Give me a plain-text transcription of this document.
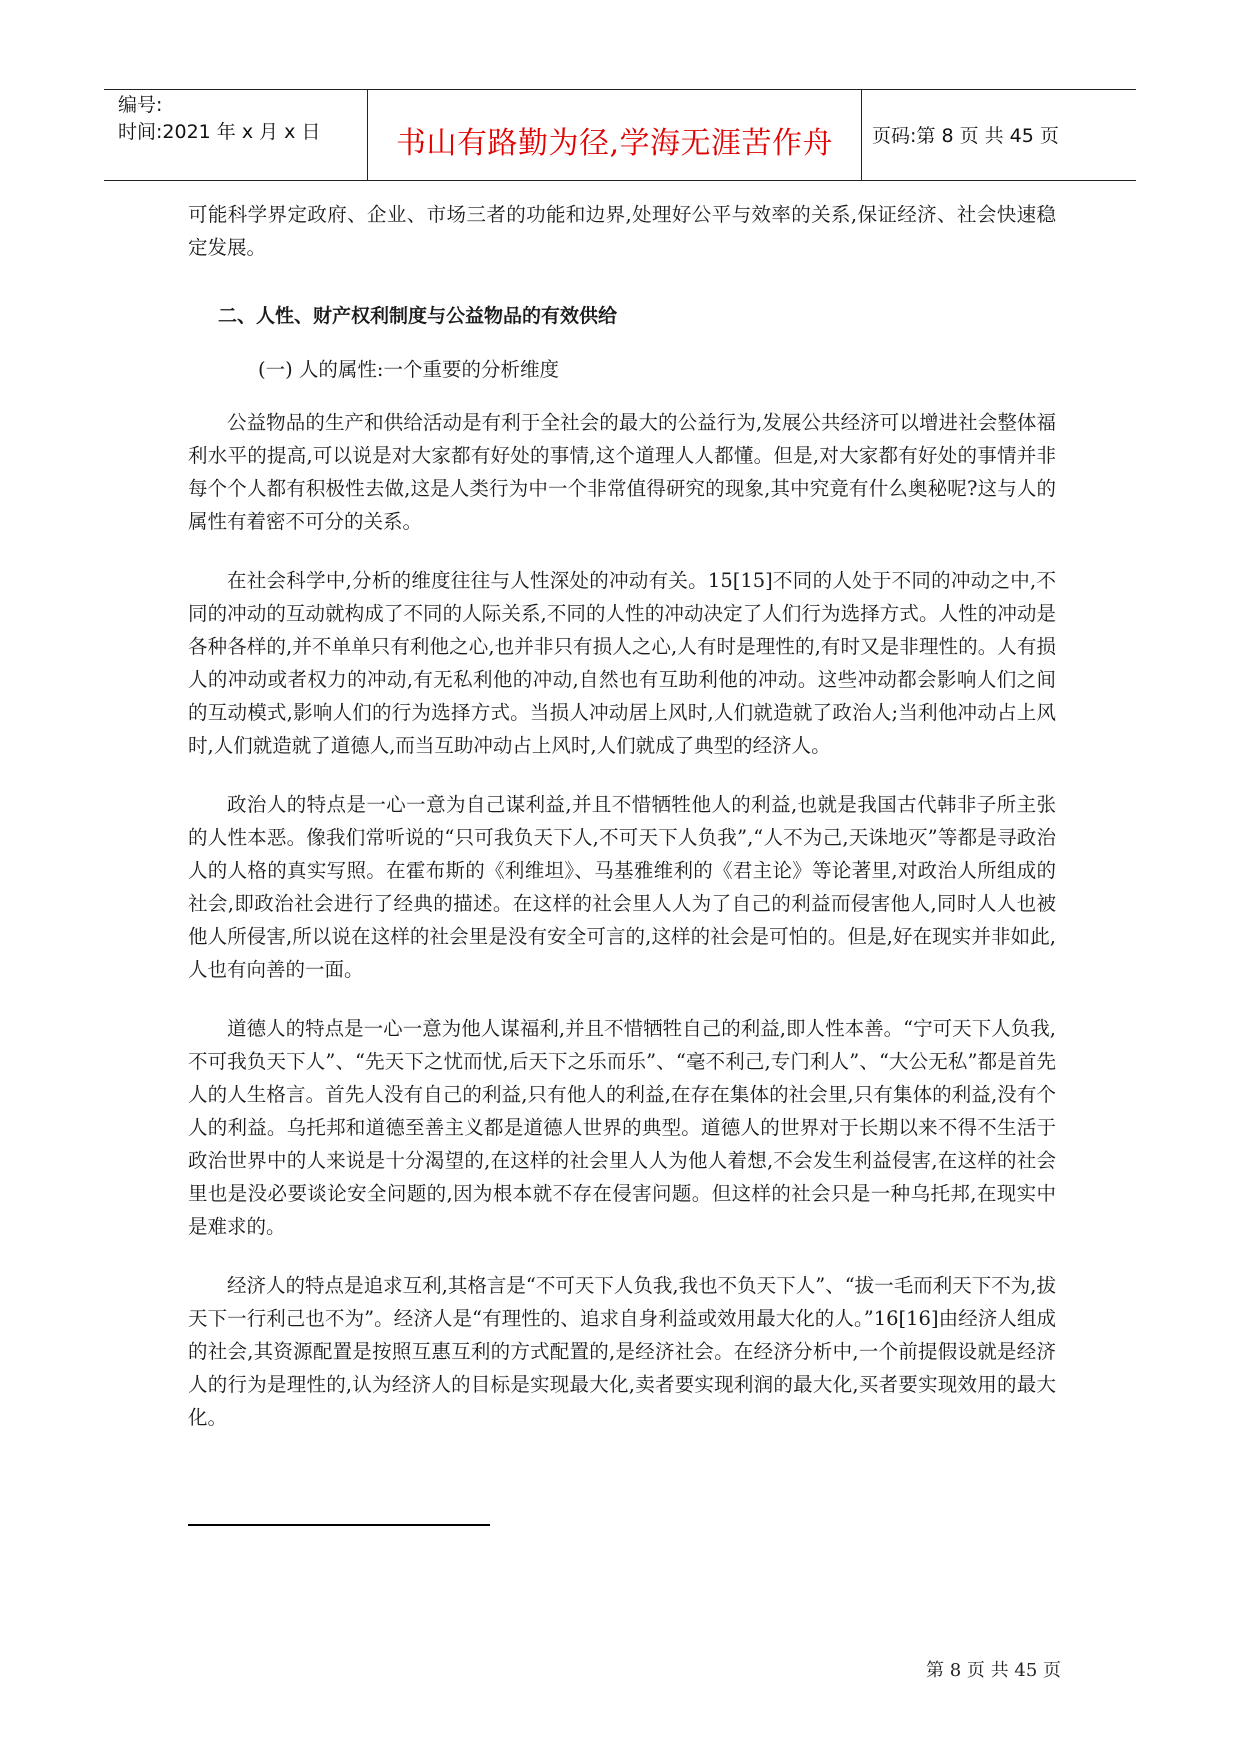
编号:
时间:2021 年 x 月 x 日	书山有路勤为径,学海无涯苦作舟	页码:第 8 页 共 45 页

可能科学界定政府、企业、市场三者的功能和边界,处理好公平与效率的关系,保证经济、社会快速稳定发展。

二、人性、财产权利制度与公益物品的有效供给
(一) 人的属性:一个重要的分析维度

公益物品的生产和供给活动是有利于全社会的最大的公益行为,发展公共经济可以增进社会整体福利水平的提高,可以说是对大家都有好处的事情,这个道理人人都懂。但是,对大家都有好处的事情并非每个个人都有积极性去做,这是人类行为中一个非常值得研究的现象,其中究竟有什么奥秘呢?这与人的属性有着密不可分的关系。

在社会科学中,分析的维度往往与人性深处的冲动有关。15[15]不同的人处于不同的冲动之中,不同的冲动的互动就构成了不同的人际关系,不同的人性的冲动决定了人们行为选择方式。人性的冲动是各种各样的,并不单单只有利他之心,也并非只有损人之心,人有时是理性的,有时又是非理性的。人有损人的冲动或者权力的冲动,有无私利他的冲动,自然也有互助利他的冲动。这些冲动都会影响人们之间的互动模式,影响人们的行为选择方式。当损人冲动居上风时,人们就造就了政治人;当利他冲动占上风时,人们就造就了道德人,而当互助冲动占上风时,人们就成了典型的经济人。

政治人的特点是一心一意为自己谋利益,并且不惜牺牲他人的利益,也就是我国古代韩非子所主张的人性本恶。像我们常听说的“只可我负天下人,不可天下人负我”,“人不为己,天诛地灭”等都是寻政治人的人格的真实写照。在霍布斯的《利维坦》、马基雅维利的《君主论》等论著里,对政治人所组成的社会,即政治社会进行了经典的描述。在这样的社会里人人为了自己的利益而侵害他人,同时人人也被他人所侵害,所以说在这样的社会里是没有安全可言的,这样的社会是可怕的。但是,好在现实并非如此,人也有向善的一面。

道德人的特点是一心一意为他人谋福利,并且不惜牺牲自己的利益,即人性本善。“宁可天下人负我,不可我负天下人”、“先天下之忧而忧,后天下之乐而乐”、“毫不利己,专门利人”、“大公无私”都是首先人的人生格言。首先人没有自己的利益,只有他人的利益,在存在集体的社会里,只有集体的利益,没有个人的利益。乌托邦和道德至善主义都是道德人世界的典型。道德人的世界对于长期以来不得不生活于政治世界中的人来说是十分渴望的,在这样的社会里人人为他人着想,不会发生利益侵害,在这样的社会里也是没必要谈论安全问题的,因为根本就不存在侵害问题。但这样的社会只是一种乌托邦,在现实中是难求的。

经济人的特点是追求互利,其格言是“不可天下人负我,我也不负天下人”、“拔一毛而利天下不为,拔天下一行利己也不为”。经济人是“有理性的、追求自身利益或效用最大化的人。”16[16]由经济人组成的社会,其资源配置是按照互惠互利的方式配置的,是经济社会。在经济分析中,一个前提假设就是经济人的行为是理性的,认为经济人的目标是实现最大化,卖者要实现利润的最大化,买者要实现效用的最大化。

第 8 页 共 45 页
